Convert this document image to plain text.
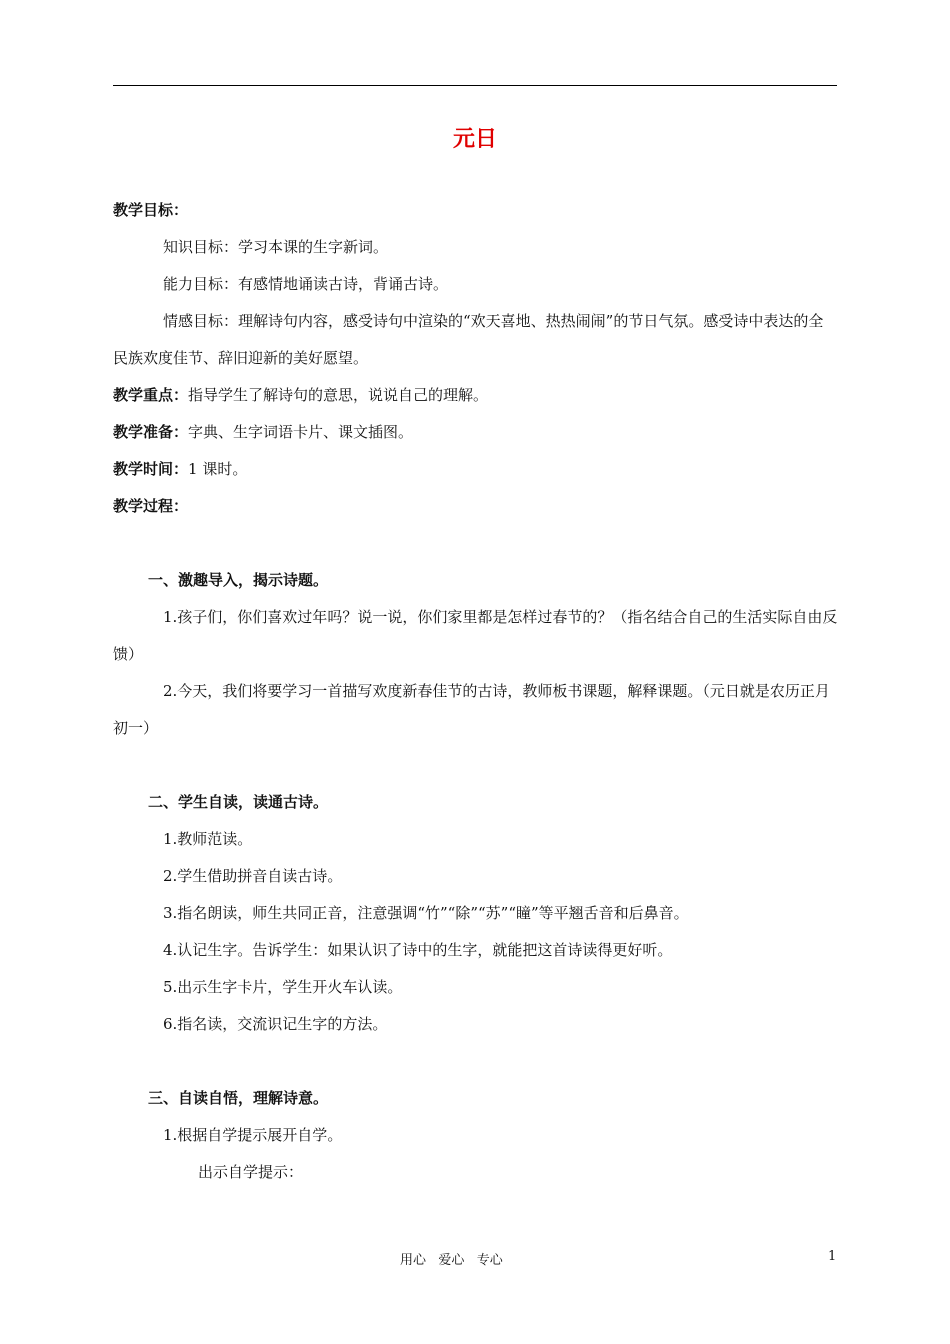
元日

教学目标：

知识目标：学习本课的生字新词。

能力目标：有感情地诵读古诗，背诵古诗。

情感目标：理解诗句内容，感受诗句中渲染的“欢天喜地、热热闹闹”的节日气氛。感受诗中表达的全民族欢度佳节、辞旧迎新的美好愿望。

教学重点：指导学生了解诗句的意思，说说自己的理解。

教学准备：字典、生字词语卡片、课文插图。

教学时间：1 课时。

教学过程：

一、激趣导入，揭示诗题。

1.孩子们，你们喜欢过年吗？说一说，你们家里都是怎样过春节的？（指名结合自己的生活实际自由反馈）

2.今天，我们将要学习一首描写欢度新春佳节的古诗，教师板书课题，解释课题。（元日就是农历正月初一）

二、学生自读，读通古诗。

1.教师范读。

2.学生借助拼音自读古诗。

3.指名朗读，师生共同正音，注意强调“竹”“除”“苏”“瞳”等平翘舌音和后鼻音。

4.认记生字。告诉学生：如果认识了诗中的生字，就能把这首诗读得更好听。

5.出示生字卡片，学生开火车认读。

6.指名读，交流识记生字的方法。

三、自读自悟，理解诗意。

1.根据自学提示展开自学。

出示自学提示：

用心   爱心   专心	1
